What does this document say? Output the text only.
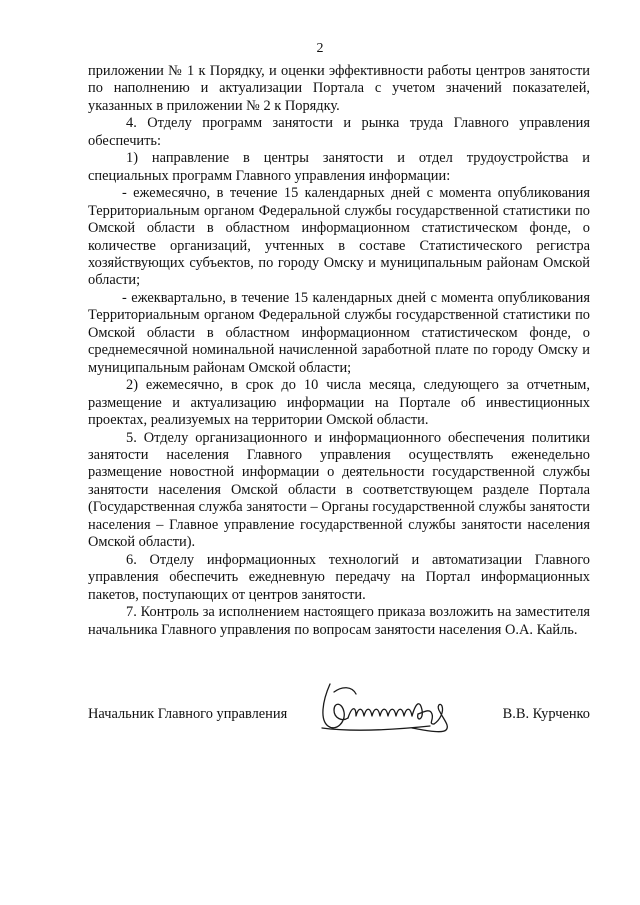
2

приложении № 1 к Порядку, и оценки эффективности работы центров занятости по наполнению и актуализации Портала с учетом значений показателей, указанных в приложении № 2 к Порядку.

4. Отделу программ занятости и рынка труда Главного управления обеспечить:

1) направление в центры занятости и отдел трудоустройства и специальных программ Главного управления информации:

- ежемесячно, в течение 15 календарных дней с момента опубликования Территориальным органом Федеральной службы государственной статистики по Омской области в областном информационном статистическом фонде, о количестве организаций, учтенных в составе Статистического регистра хозяйствующих субъектов, по городу Омску и муниципальным районам Омской области;

- ежеквартально, в течение 15 календарных дней с момента опубликования Территориальным органом Федеральной службы государственной статистики по Омской области в областном информационном статистическом фонде, о среднемесячной номинальной начисленной заработной плате по городу Омску и муниципальным районам Омской области;

2) ежемесячно, в срок до 10 числа месяца, следующего за отчетным, размещение и актуализацию информации на Портале об инвестиционных проектах, реализуемых на территории Омской области.

5. Отделу организационного и информационного обеспечения политики занятости населения Главного управления осуществлять еженедельно размещение новостной информации о деятельности государственной службы занятости населения Омской области в соответствующем разделе Портала (Государственная служба занятости – Органы государственной службы занятости населения – Главное управление государственной службы занятости населения Омской области).

6. Отделу информационных технологий и автоматизации Главного управления обеспечить ежедневную передачу на Портал информационных пакетов, поступающих от центров занятости.

7. Контроль за исполнением настоящего приказа возложить на заместителя начальника Главного управления по вопросам занятости населения О.А. Кайль.

Начальник Главного управления	В.В. Курченко
